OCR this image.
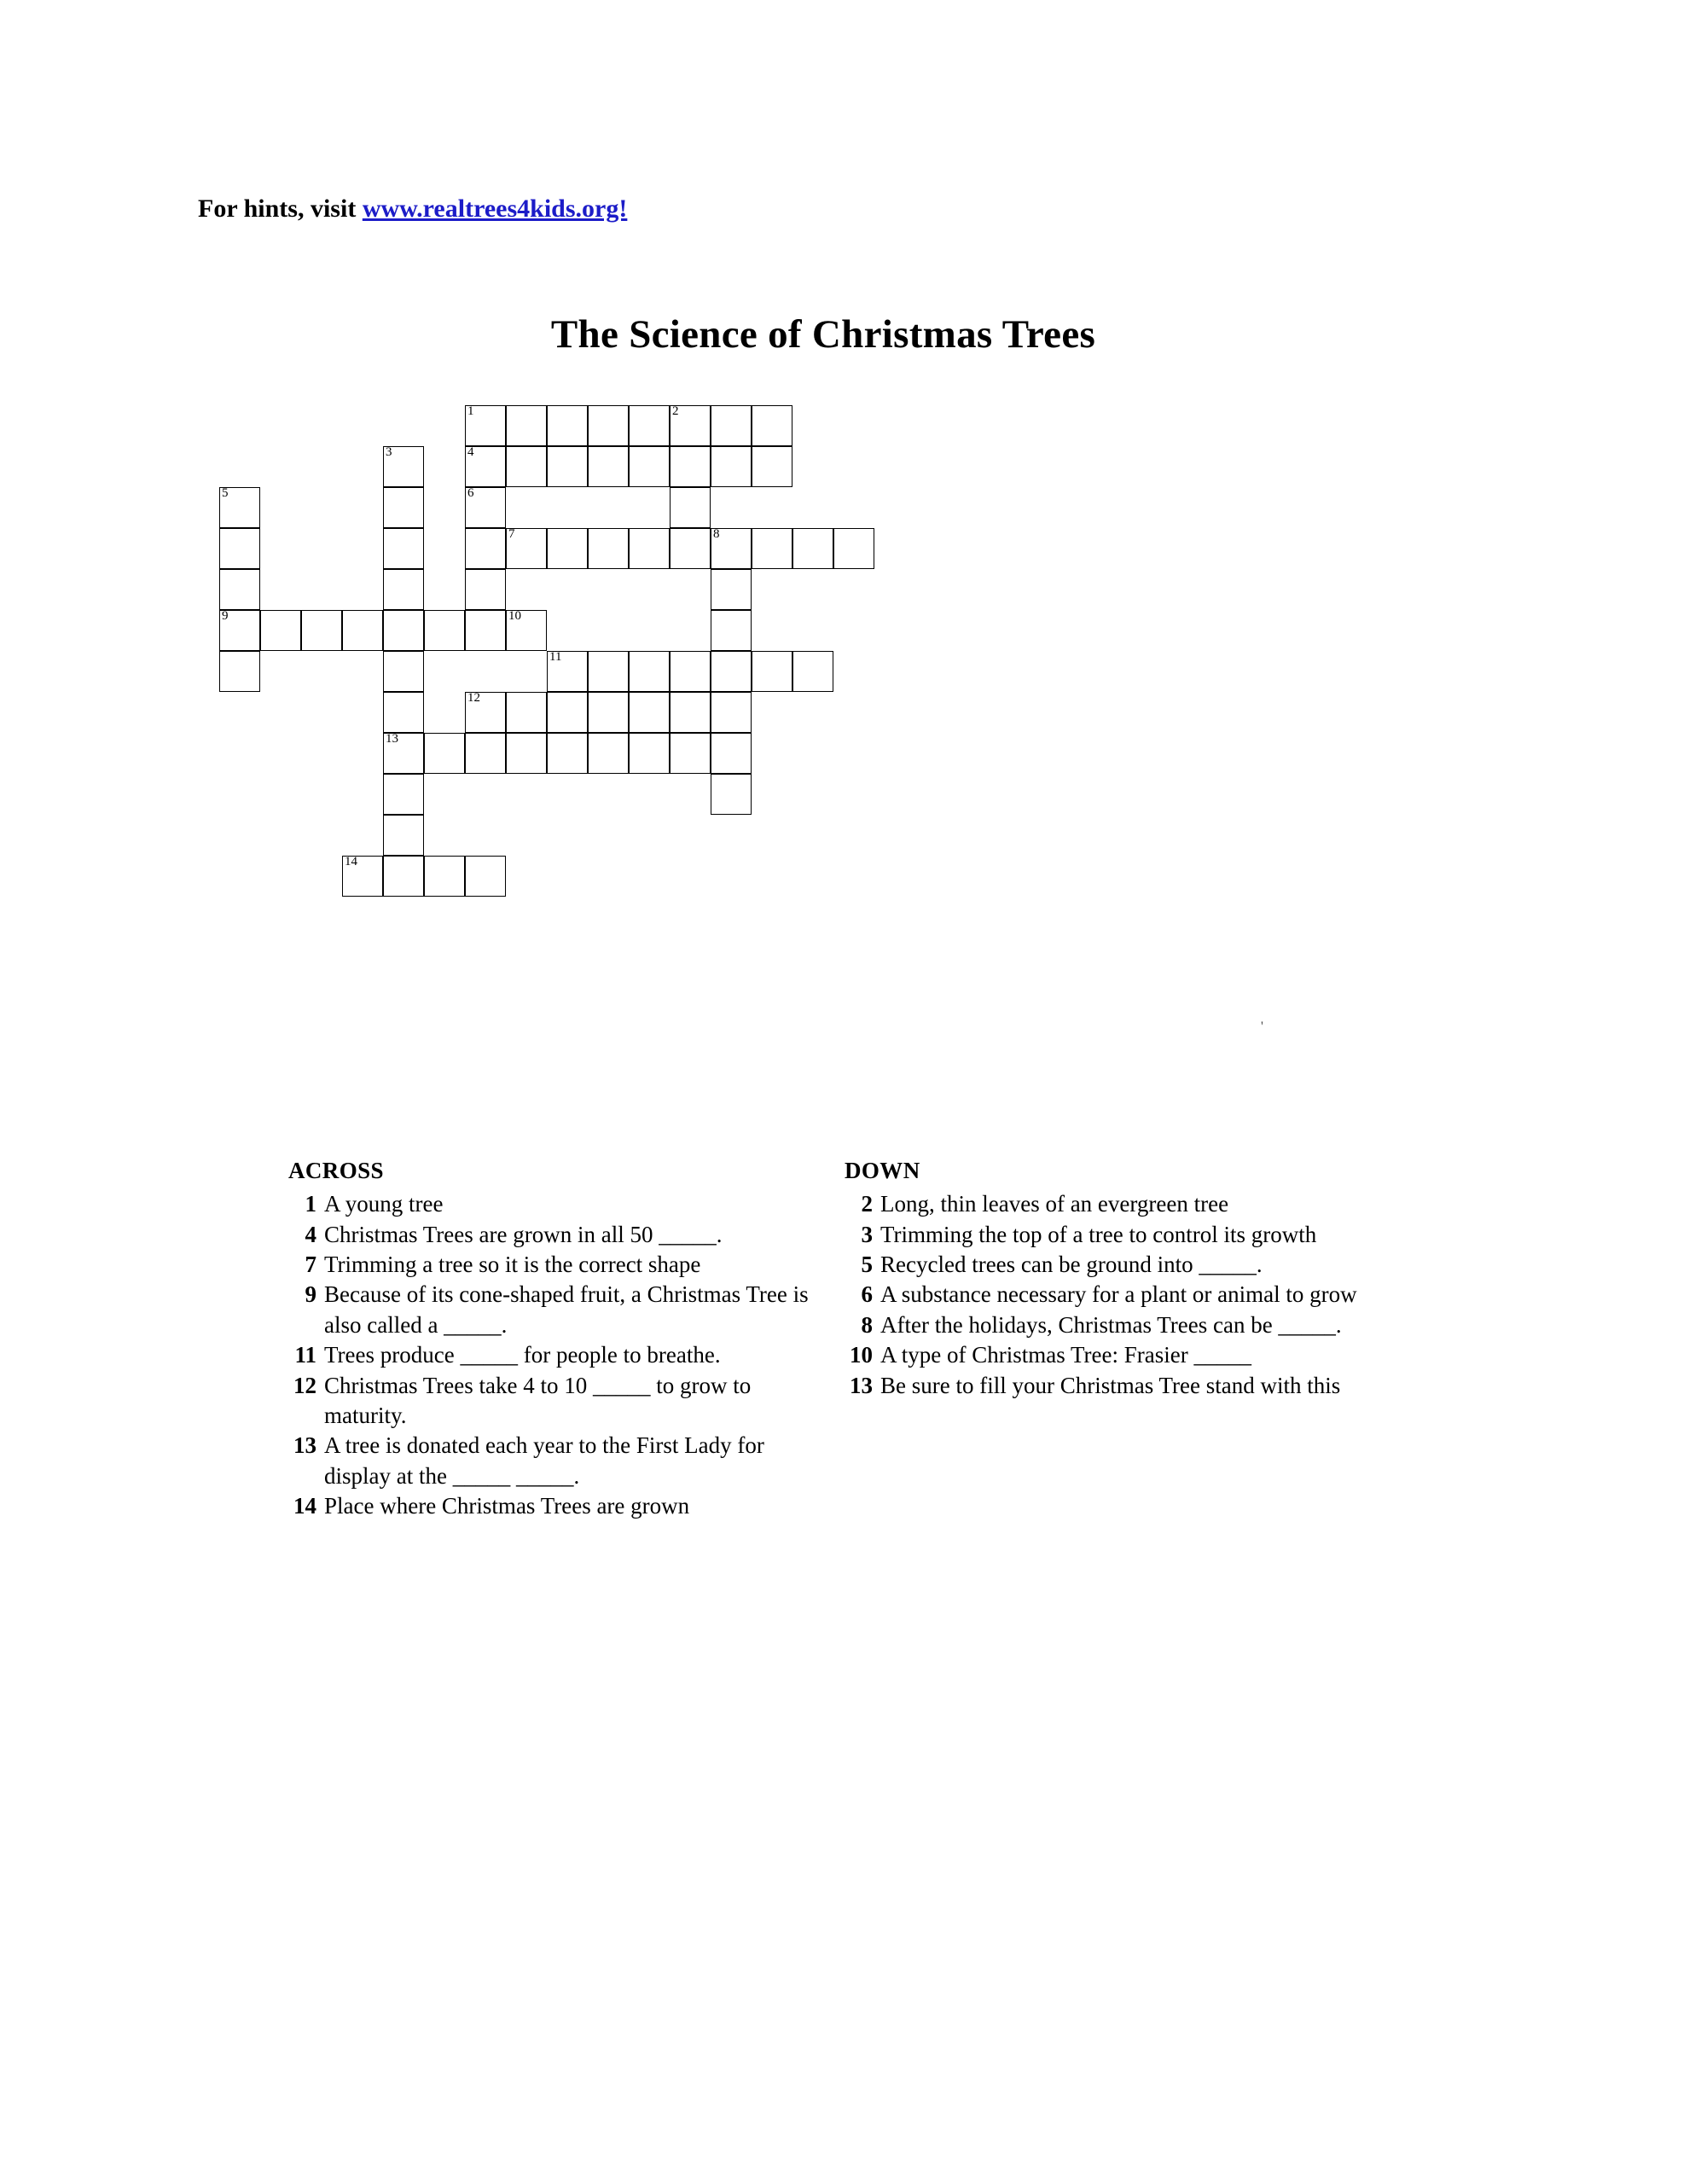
For hints, visit www.realtrees4kids.org!
The Science of Christmas Trees
'
1	2
3	4
5	6
7	8
9	10
11
12
13
14
ACROSS
1 A young tree
4 Christmas Trees are grown in all 50 _____.
7 Trimming a tree so it is the correct shape
9 Because of its cone-shaped fruit, a Christmas Tree is also called a _____.
11 Trees produce _____ for people to breathe.
12 Christmas Trees take 4 to 10 _____ to grow to maturity.
13 A tree is donated each year to the First Lady for display at the _____ _____.
14 Place where Christmas Trees are grown
DOWN
2 Long, thin leaves of an evergreen tree
3 Trimming the top of a tree to control its growth
5 Recycled trees can be ground into _____.
6 A substance necessary for a plant or animal to grow
8 After the holidays, Christmas Trees can be _____.
10 A type of Christmas Tree: Frasier _____
13 Be sure to fill your Christmas Tree stand with this
